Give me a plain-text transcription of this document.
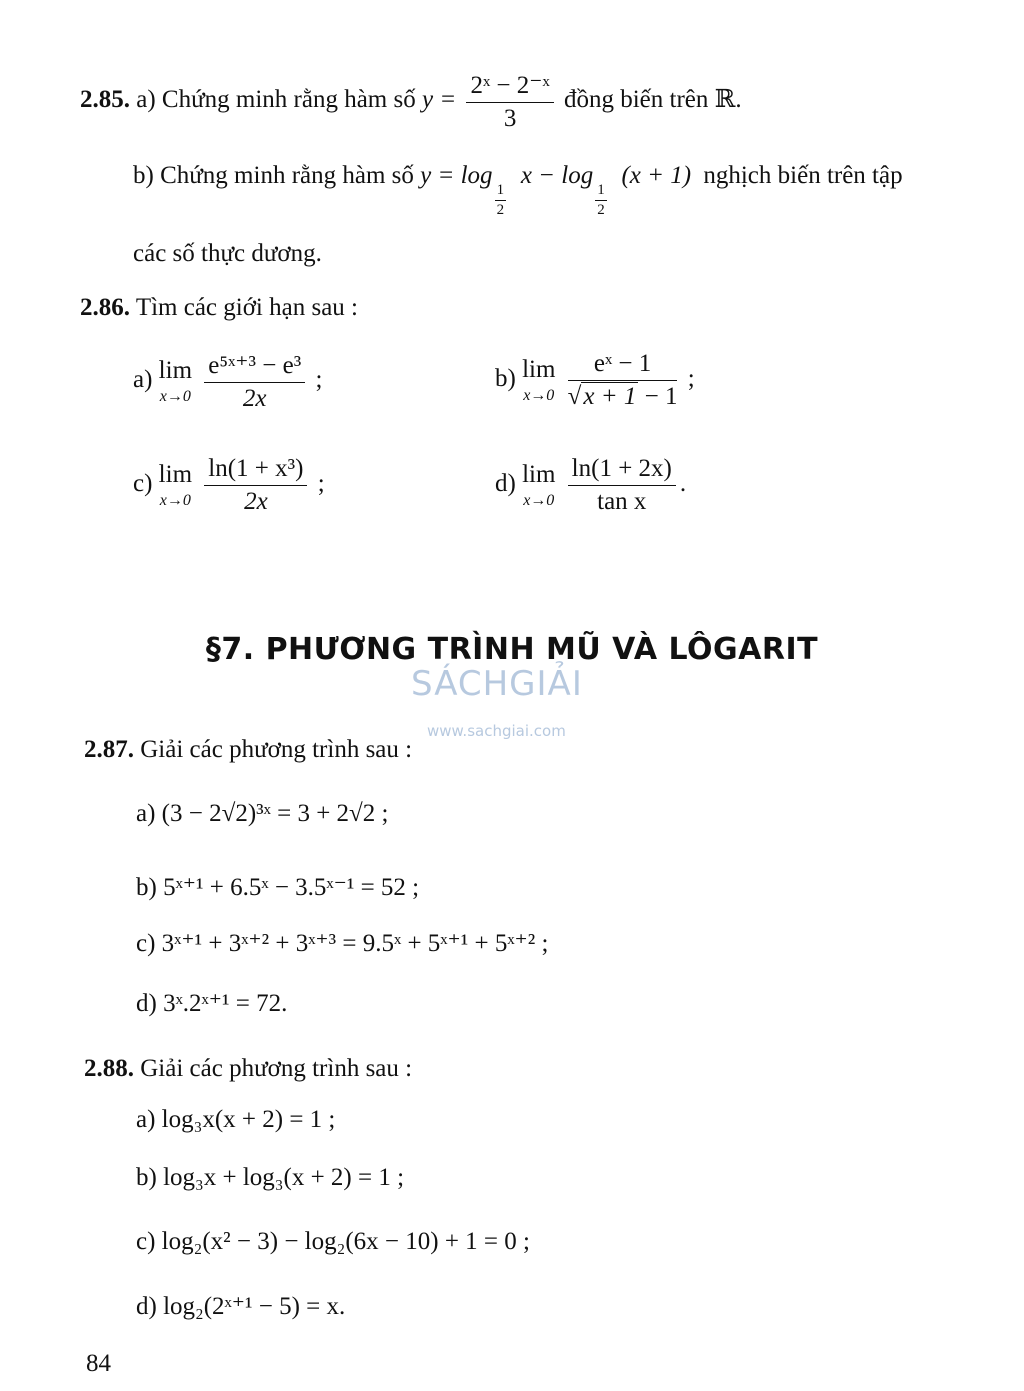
2.85. a) Chứng minh rằng hàm số $y = \frac{\text{2ˣ − 2⁻ˣ}}{3}$ đồng biến trên ℝ.
b) Chứng minh rằng hàm số y = log
$\frac{1}{2}$
x − log
$\frac{1}{2}$
(x + 1) nghịch biến trên tập
các số thực dương.
2.86. Tìm các giới hạn sau :
a) lim
x→0
$\frac{\text{e⁵ˣ⁺³ − e³}}{2x}$ ;	b) lim
x→0
$\frac{\text{eˣ − 1}}{√x + 1 - 1}$ ;
c) lim
x→0
$\frac{\text{ln(1 + x³)}}{2x}$ ;	d) lim
x→0
$\frac{\ln(1 + 2x)}{\text{tan x}}$ .
§7. PHƯƠNG TRÌNH MŨ VÀ LÔGARIT
SÁCHGIẢI
www.sachgiai.com
2.87. Giải các phương trình sau :
a) (3 − 2√2)³ˣ = 3 + 2√2 ;
b) 5ˣ⁺¹ + 6.5ˣ − 3.5ˣ⁻¹ = 52 ;
c) 3ˣ⁺¹ + 3ˣ⁺² + 3ˣ⁺³ = 9.5ˣ + 5ˣ⁺¹ + 5ˣ⁺² ;
d) 3ˣ.2ˣ⁺¹ = 72.
2.88. Giải các phương trình sau :
a) log₃x(x + 2) = 1 ;
b) log₃x + log₃(x + 2) = 1 ;
c) log₂(x² − 3) − log₂(6x − 10) + 1 = 0 ;
d) log₂(2ˣ⁺¹ − 5) = x.
84
